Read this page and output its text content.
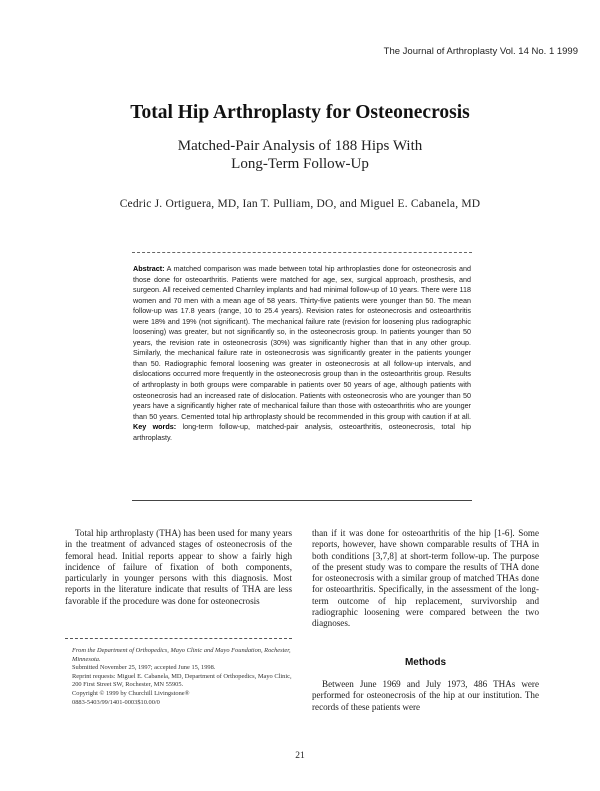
The Journal of Arthroplasty Vol. 14 No. 1 1999
Total Hip Arthroplasty for Osteonecrosis
Matched-Pair Analysis of 188 Hips With
Long-Term Follow-Up
Cedric J. Ortiguera, MD, Ian T. Pulliam, DO, and Miguel E. Cabanela, MD
Abstract: A matched comparison was made between total hip arthroplasties done for osteonecrosis and those done for osteoarthritis. Patients were matched for age, sex, surgical approach, prosthesis, and surgeon. All received cemented Charnley implants and had minimal follow-up of 10 years. There were 118 women and 70 men with a mean age of 58 years. Thirty-five patients were younger than 50. The mean follow-up was 17.8 years (range, 10 to 25.4 years). Revision rates for osteonecrosis and osteoarthritis were 18% and 19% (not significant). The mechanical failure rate (revision for loosening plus radiographic loosening) was greater, but not significantly so, in the osteonecrosis group. In patients younger than 50 years, the revision rate in osteonecrosis (30%) was significantly higher than that in any other group. Similarly, the mechanical failure rate in osteonecrosis was significantly greater in the patients younger than 50. Radiographic femoral loosening was greater in osteonecrosis at all follow-up intervals, and dislocations occurred more frequently in the osteonecrosis group than in the osteoarthritis group. Results of arthroplasty in both groups were comparable in patients over 50 years of age, although patients with osteonecrosis had an increased rate of dislocation. Patients with osteonecrosis who are younger than 50 years have a significantly higher rate of mechanical failure than those with osteoarthritis who are younger than 50 years. Cemented total hip arthroplasty should be recommended in this group with caution if at all. Key words: long-term follow-up, matched-pair analysis, osteoarthritis, osteonecrosis, total hip arthroplasty.

Total hip arthroplasty (THA) has been used for many years in the treatment of advanced stages of osteonecrosis of the femoral head. Initial reports appear to show a fairly high incidence of failure of fixation of both components, particularly in younger persons with this diagnosis. Most reports in the literature indicate that results of THA are less favorable if the procedure was done for osteonecrosis

From the Department of Orthopedics, Mayo Clinic and Mayo Foundation, Rochester, Minnesota.

Submitted November 25, 1997; accepted June 15, 1998.

Reprint requests: Miguel E. Cabanela, MD, Department of Orthopedics, Mayo Clinic, 200 First Street SW, Rochester, MN 55905.

Copyright © 1999 by Churchill Livingstone®

0883-5403/99/1401-0003$10.00/0

than if it was done for osteoarthritis of the hip [1-6]. Some reports, however, have shown comparable results of THA in both conditions [3,7,8] at short-term follow-up. The purpose of the present study was to compare the results of THA done for osteonecrosis with a similar group of matched THAs done for osteoarthritis. Specifically, in the assessment of the long-term outcome of hip replacement, survivorship and radiographic loosening were compared between the two diagnoses.

Methods

Between June 1969 and July 1973, 486 THAs were performed for osteonecrosis of the hip at our institution. The records of these patients were

21
